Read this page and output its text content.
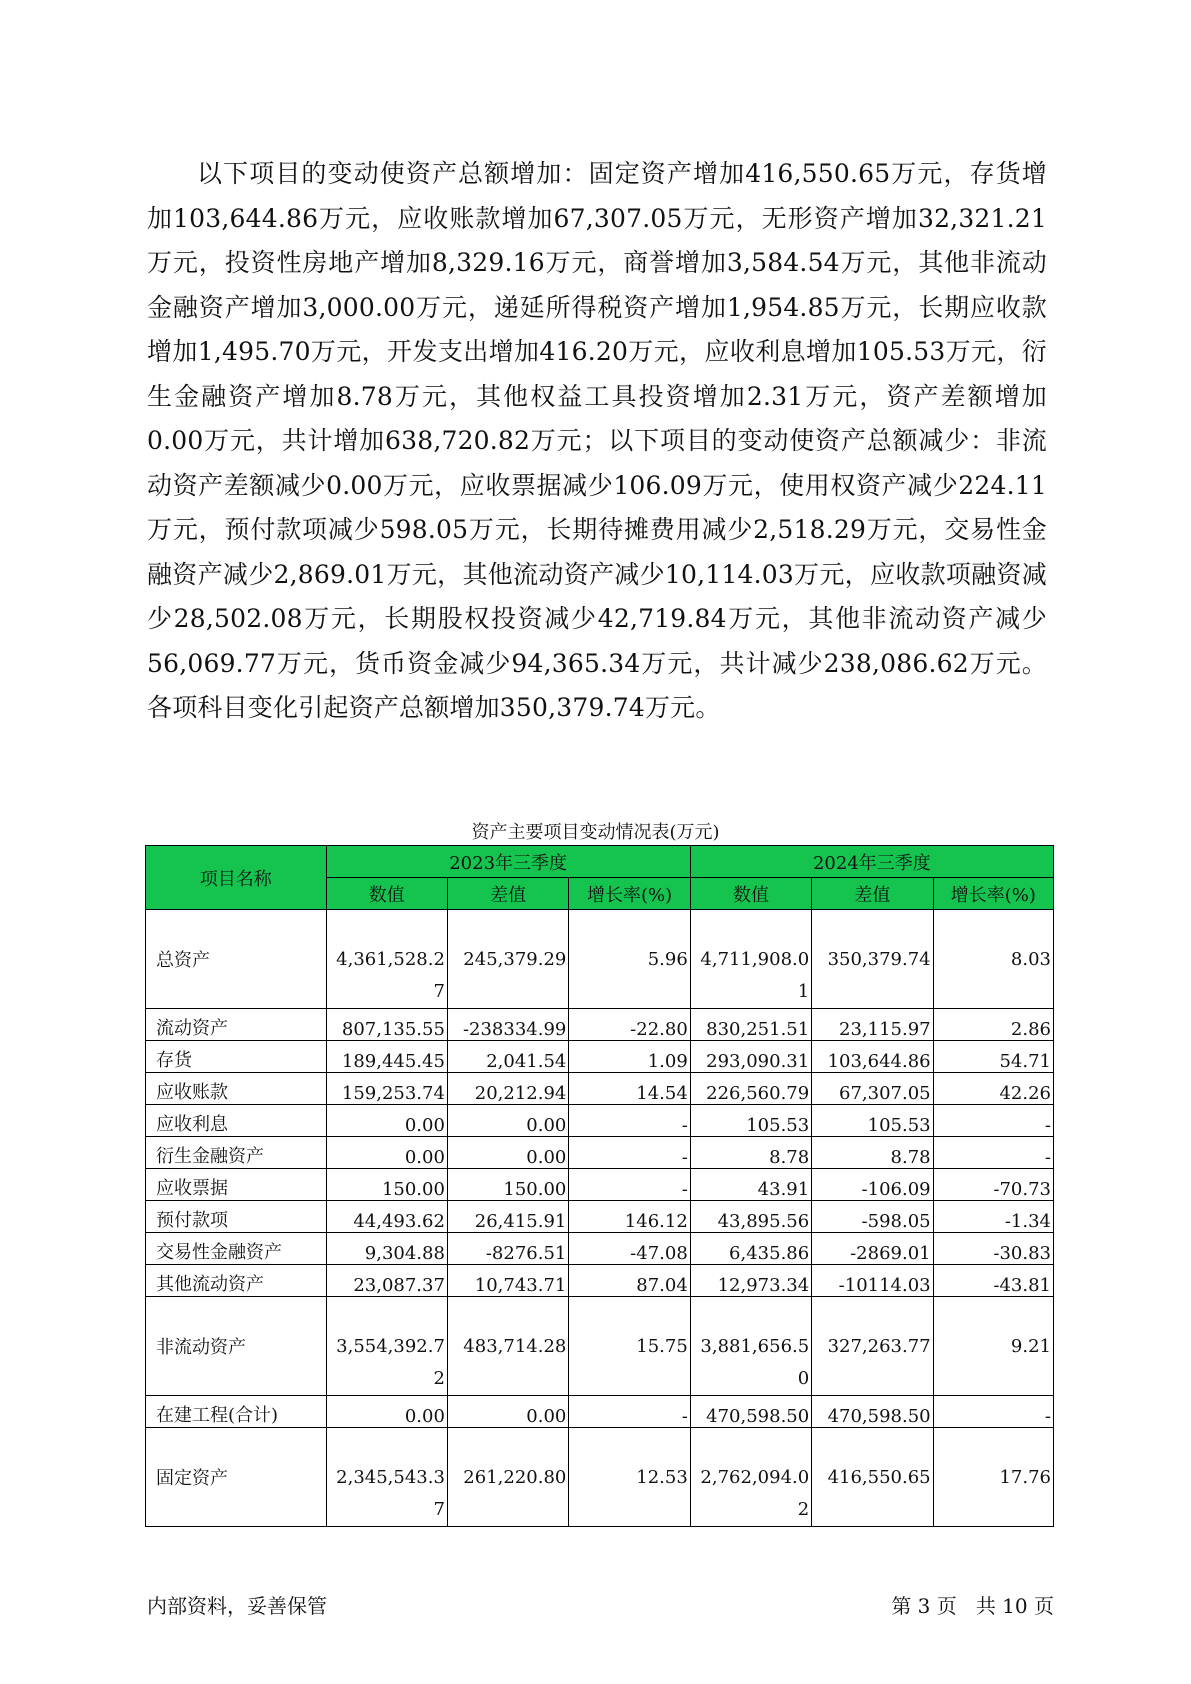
以下项目的变动使资产总额增加：固定资产增加416,550.65万元，存货增加103,644.86万元，应收账款增加67,307.05万元，无形资产增加32,321.21万元，投资性房地产增加8,329.16万元，商誉增加3,584.54万元，其他非流动金融资产增加3,000.00万元，递延所得税资产增加1,954.85万元，长期应收款增加1,495.70万元，开发支出增加416.20万元，应收利息增加105.53万元，衍生金融资产增加8.78万元，其他权益工具投资增加2.31万元，资产差额增加0.00万元，共计增加638,720.82万元；以下项目的变动使资产总额减少：非流动资产差额减少0.00万元，应收票据减少106.09万元，使用权资产减少224.11万元，预付款项减少598.05万元，长期待摊费用减少2,518.29万元，交易性金融资产减少2,869.01万元，其他流动资产减少10,114.03万元，应收款项融资减少28,502.08万元，长期股权投资减少42,719.84万元，其他非流动资产减少56,069.77万元，货币资金减少94,365.34万元，共计减少238,086.62万元。各项科目变化引起资产总额增加350,379.74万元。

资产主要项目变动情况表(万元)
项目名称	2023年三季度			2024年三季度		
	数值	差值	增长率(%)	数值	差值	增长率(%)
总资产	4,361,528.27	245,379.29	5.96	4,711,908.01	350,379.74	8.03
流动资产	807,135.55	-238334.99	-22.80	830,251.51	23,115.97	2.86
存货	189,445.45	2,041.54	1.09	293,090.31	103,644.86	54.71
应收账款	159,253.74	20,212.94	14.54	226,560.79	67,307.05	42.26
应收利息	0.00	0.00	-	105.53	105.53	-
衍生金融资产	0.00	0.00	-	8.78	8.78	-
应收票据	150.00	150.00	-	43.91	-106.09	-70.73
预付款项	44,493.62	26,415.91	146.12	43,895.56	-598.05	-1.34
交易性金融资产	9,304.88	-8276.51	-47.08	6,435.86	-2869.01	-30.83
其他流动资产	23,087.37	10,743.71	87.04	12,973.34	-10114.03	-43.81
非流动资产	3,554,392.72	483,714.28	15.75	3,881,656.50	327,263.77	9.21
在建工程(合计)	0.00	0.00	-	470,598.50	470,598.50	-
固定资产	2,345,543.37	261,220.80	12.53	2,762,094.02	416,550.65	17.76
内部资料，妥善保管	第 3 页   共 10 页
